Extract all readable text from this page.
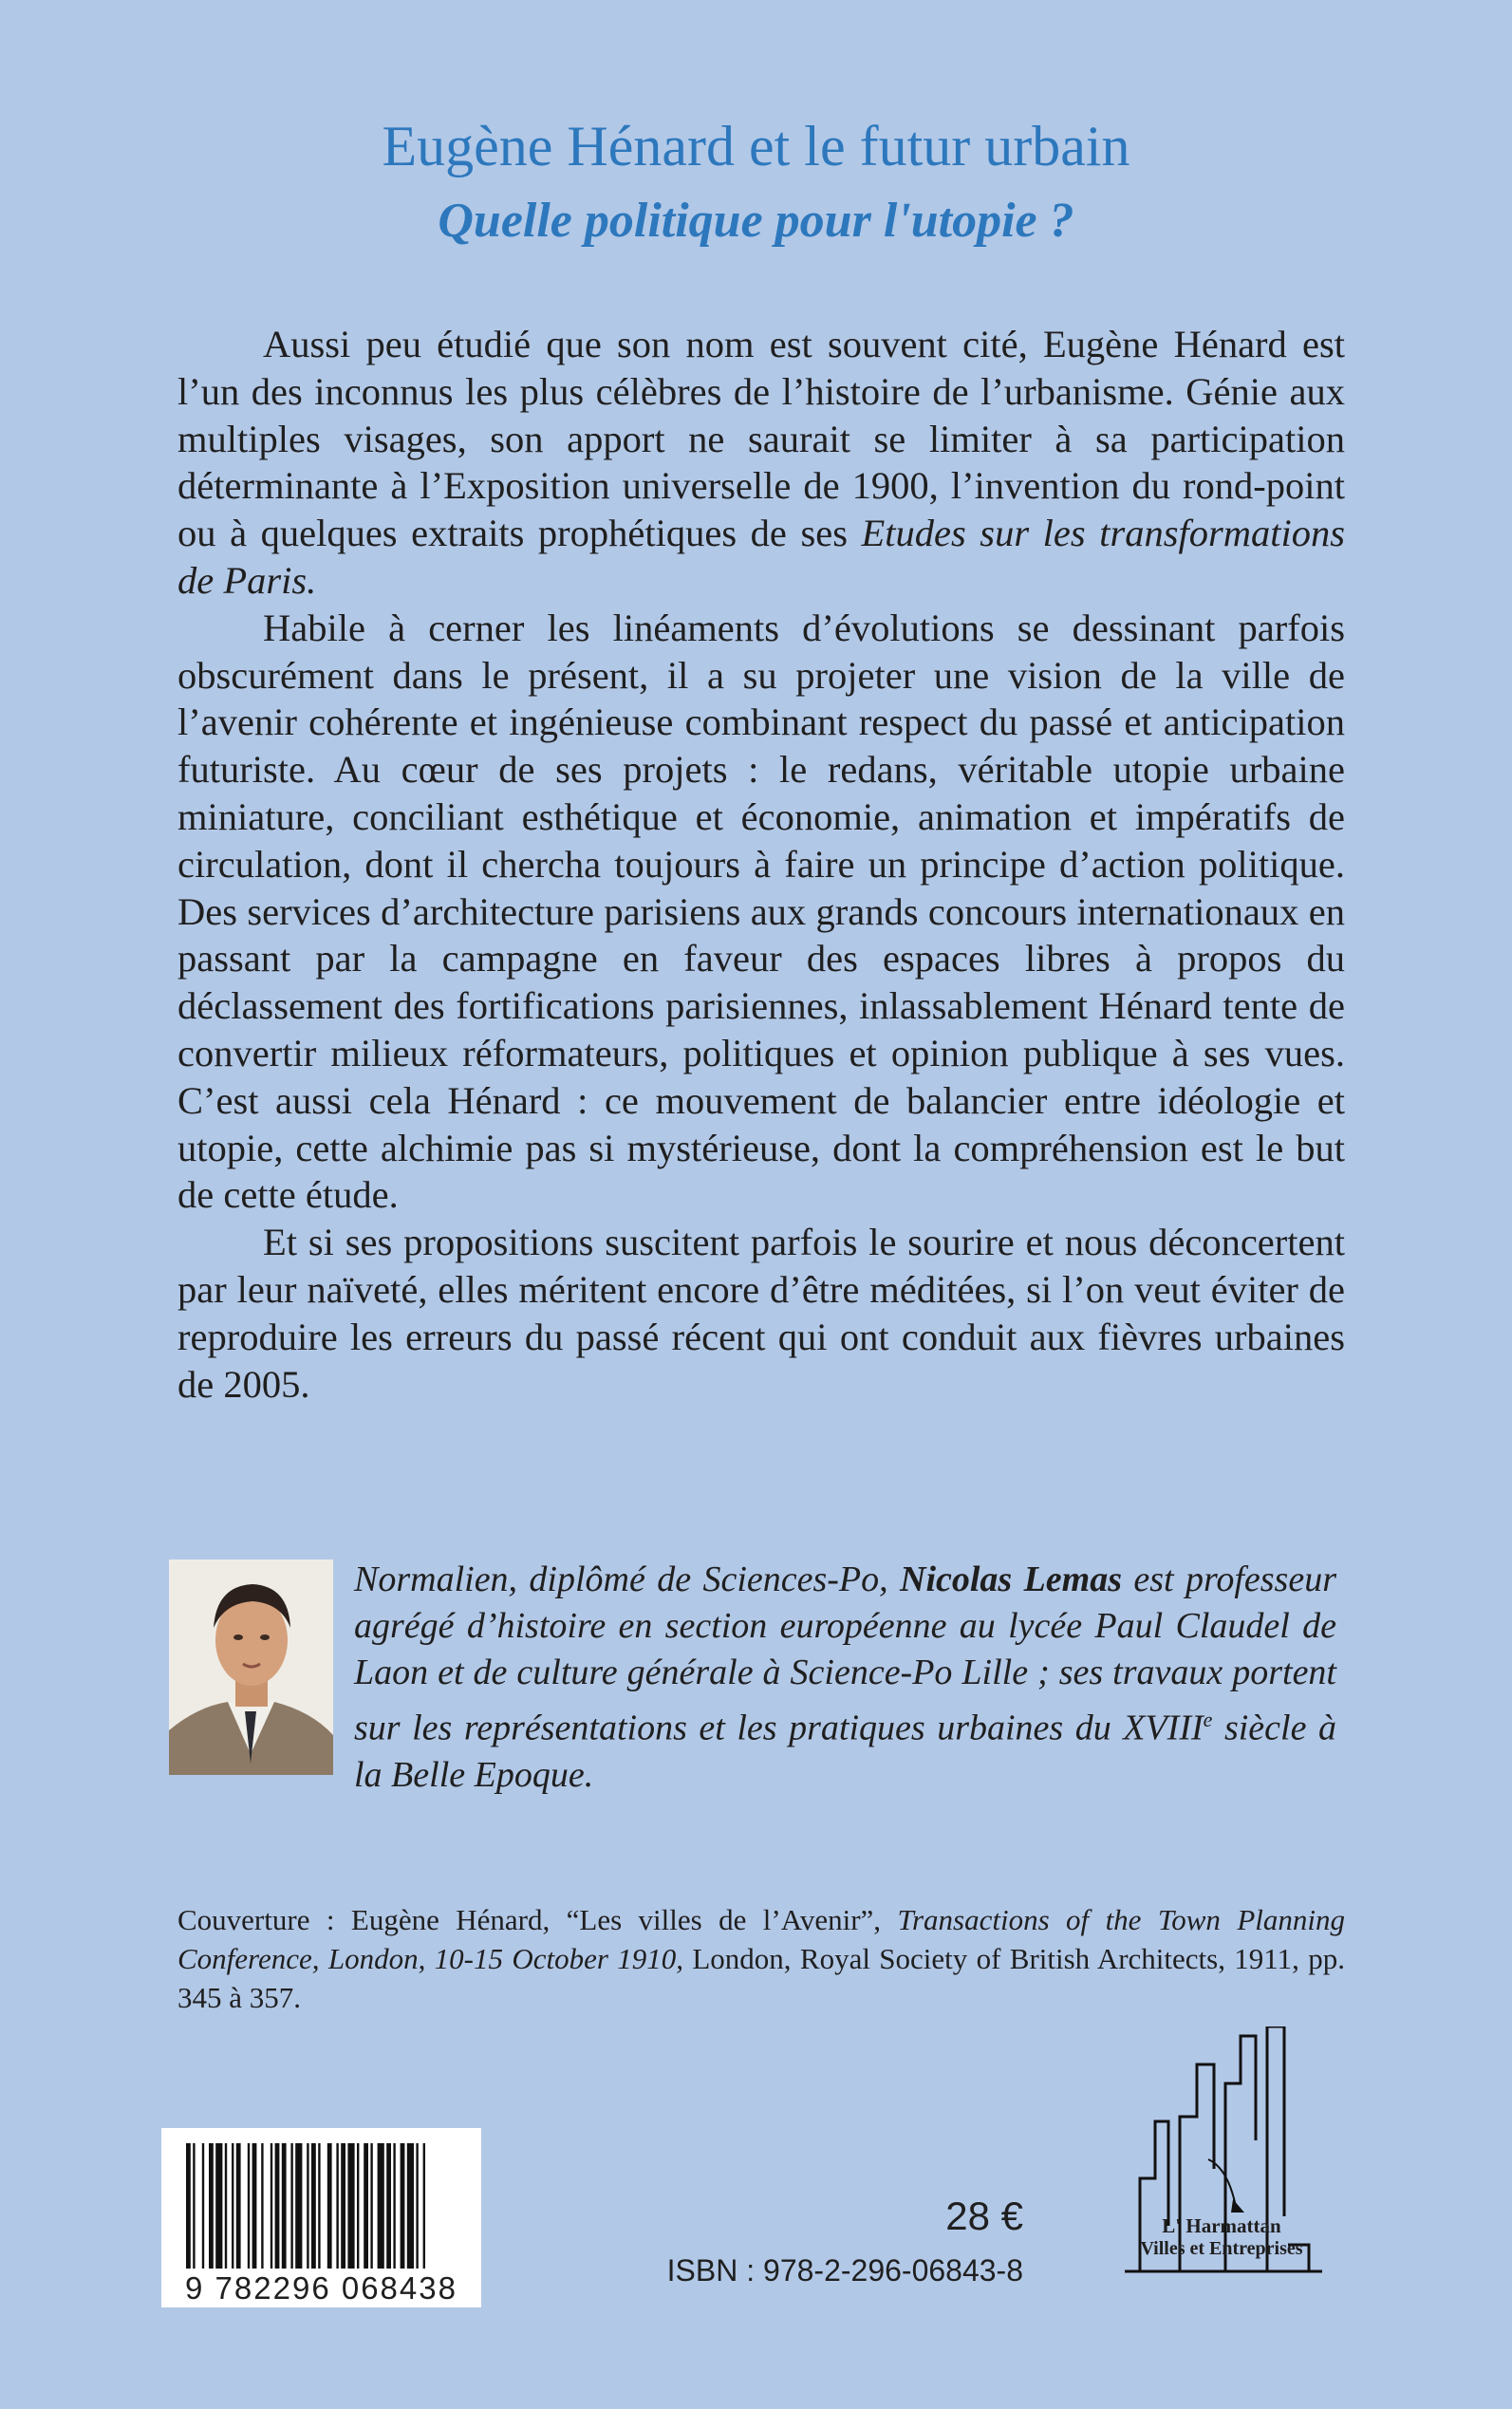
Eugène Hénard et le futur urbain
Quelle politique pour l'utopie ?

Aussi peu étudié que son nom est souvent cité, Eugène Hénard est l’un des inconnus les plus célèbres de l’histoire de l’urbanisme. Génie aux multiples visages, son apport ne saurait se limiter à sa participation déterminante à l’Exposition universelle de 1900, l’invention du rond-point ou à quelques extraits prophétiques de ses Etudes sur les transformations de Paris.

Habile à cerner les linéaments d’évolutions se dessinant parfois obscurément dans le présent, il a su projeter une vision de la ville de l’avenir cohérente et ingénieuse combinant respect du passé et anticipation futuriste. Au cœur de ses projets : le redans, véritable utopie urbaine miniature, conciliant esthétique et économie, animation et impératifs de circulation, dont il chercha toujours à faire un principe d’action politique. Des services d’architecture parisiens aux grands concours internationaux en passant par la campagne en faveur des espaces libres à propos du déclassement des fortifications parisiennes, inlassablement Hénard tente de convertir milieux réformateurs, politiques et opinion publique à ses vues. C’est aussi cela Hénard : ce mouvement de balancier entre idéologie et utopie, cette alchimie pas si mystérieuse, dont la compréhension est le but de cette étude.

Et si ses propositions suscitent parfois le sourire et nous déconcertent par leur naïveté, elles méritent encore d’être méditées, si l’on veut éviter de reproduire les erreurs du passé récent qui ont conduit aux fièvres urbaines de 2005.

Normalien, diplômé de Sciences-Po, Nicolas Lemas est professeur agrégé d’histoire en section européenne au lycée Paul Claudel de Laon et de culture générale à Science-Po Lille ; ses travaux portent sur les représentations et les pratiques urbaines du XVIIIe siècle à la Belle Epoque.
Couverture : Eugène Hénard, “Les villes de l’Avenir”, Transactions of the Town Planning Conference, London, 10-15 October 1910, London, Royal Society of British Architects, 1911, pp. 345 à 357.
9 782296 068438
28 €
ISBN : 978-2-296-06843-8
L' Harmattan
Villes et Entreprises
